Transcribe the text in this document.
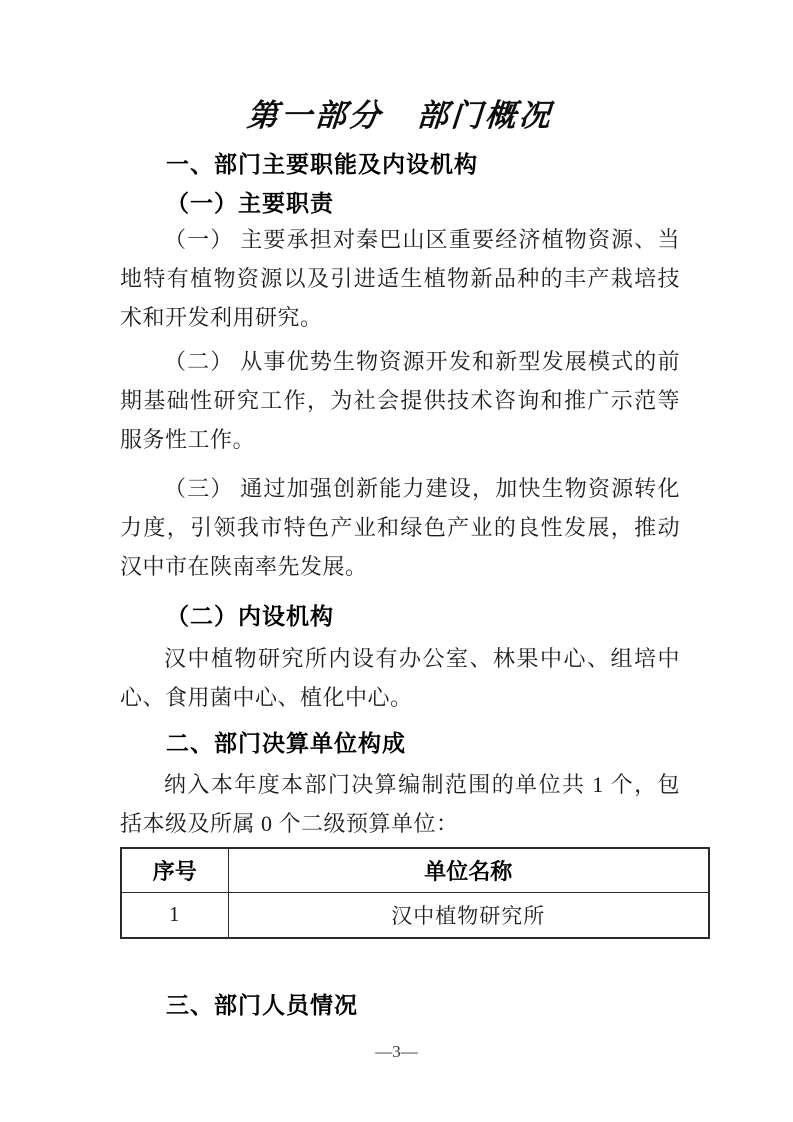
第一部分　部门概况
一、部门主要职能及内设机构
（一）主要职责

（一） 主要承担对秦巴山区重要经济植物资源、当地特有植物资源以及引进适生植物新品种的丰产栽培技术和开发利用研究。

（二） 从事优势生物资源开发和新型发展模式的前期基础性研究工作，为社会提供技术咨询和推广示范等服务性工作。

（三） 通过加强创新能力建设，加快生物资源转化力度，引领我市特色产业和绿色产业的良性发展，推动汉中市在陕南率先发展。

（二）内设机构

汉中植物研究所内设有办公室、林果中心、组培中心、食用菌中心、植化中心。

二、部门决算单位构成

纳入本年度本部门决算编制范围的单位共 1 个，包括本级及所属 0 个二级预算单位：

序号	单位名称
1	汉中植物研究所
三、部门人员情况
—3—
